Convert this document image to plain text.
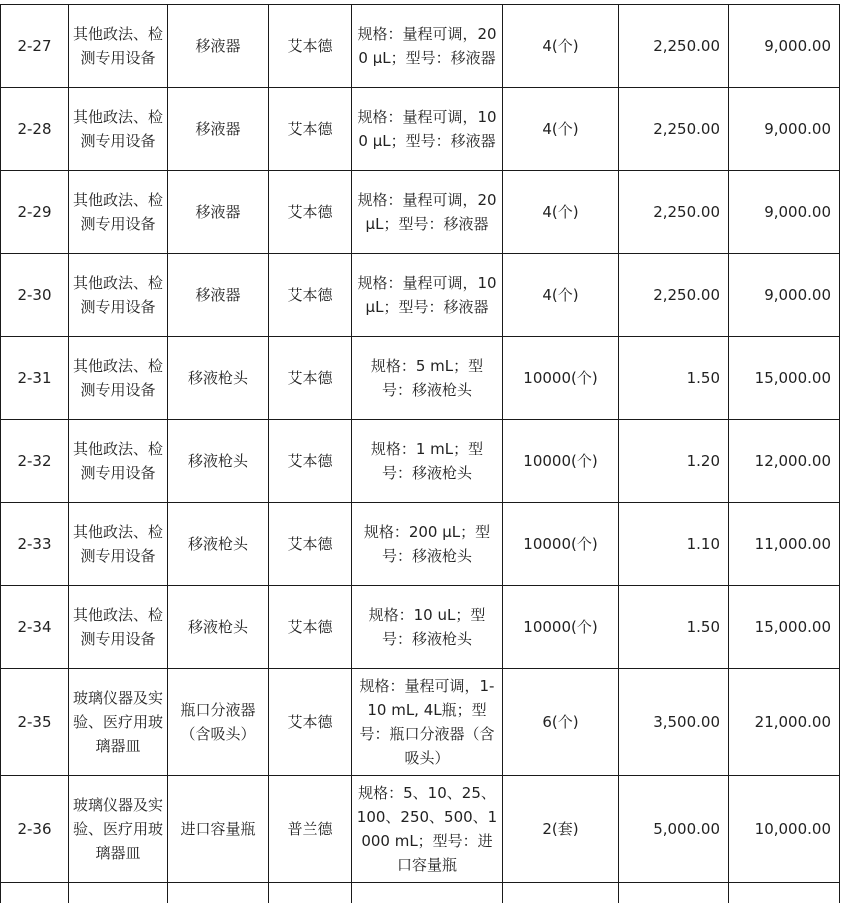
2-27	其他政法、检测专用设备	移液器	艾本德	规格：量程可调，200 μL；型号：移液器	4(个)	2,250.00	9,000.00
2-28	其他政法、检测专用设备	移液器	艾本德	规格：量程可调，100 μL；型号：移液器	4(个)	2,250.00	9,000.00
2-29	其他政法、检测专用设备	移液器	艾本德	规格：量程可调，20 μL；型号：移液器	4(个)	2,250.00	9,000.00
2-30	其他政法、检测专用设备	移液器	艾本德	规格：量程可调，10 μL；型号：移液器	4(个)	2,250.00	9,000.00
2-31	其他政法、检测专用设备	移液枪头	艾本德	规格：5 mL；型号：移液枪头	10000(个)	1.50	15,000.00
2-32	其他政法、检测专用设备	移液枪头	艾本德	规格：1 mL；型号：移液枪头	10000(个)	1.20	12,000.00
2-33	其他政法、检测专用设备	移液枪头	艾本德	规格：200 μL；型号：移液枪头	10000(个)	1.10	11,000.00
2-34	其他政法、检测专用设备	移液枪头	艾本德	规格：10 uL；型号：移液枪头	10000(个)	1.50	15,000.00
2-35	玻璃仪器及实验、医疗用玻璃器皿	瓶口分液器（含吸头）	艾本德	规格：量程可调，1-10 mL, 4L瓶；型号：瓶口分液器（含吸头）	6(个)	3,500.00	21,000.00
2-36	玻璃仪器及实验、医疗用玻璃器皿	进口容量瓶	普兰德	规格：5、10、25、100、250、500、1000 mL；型号：进口容量瓶	2(套)	5,000.00	10,000.00
